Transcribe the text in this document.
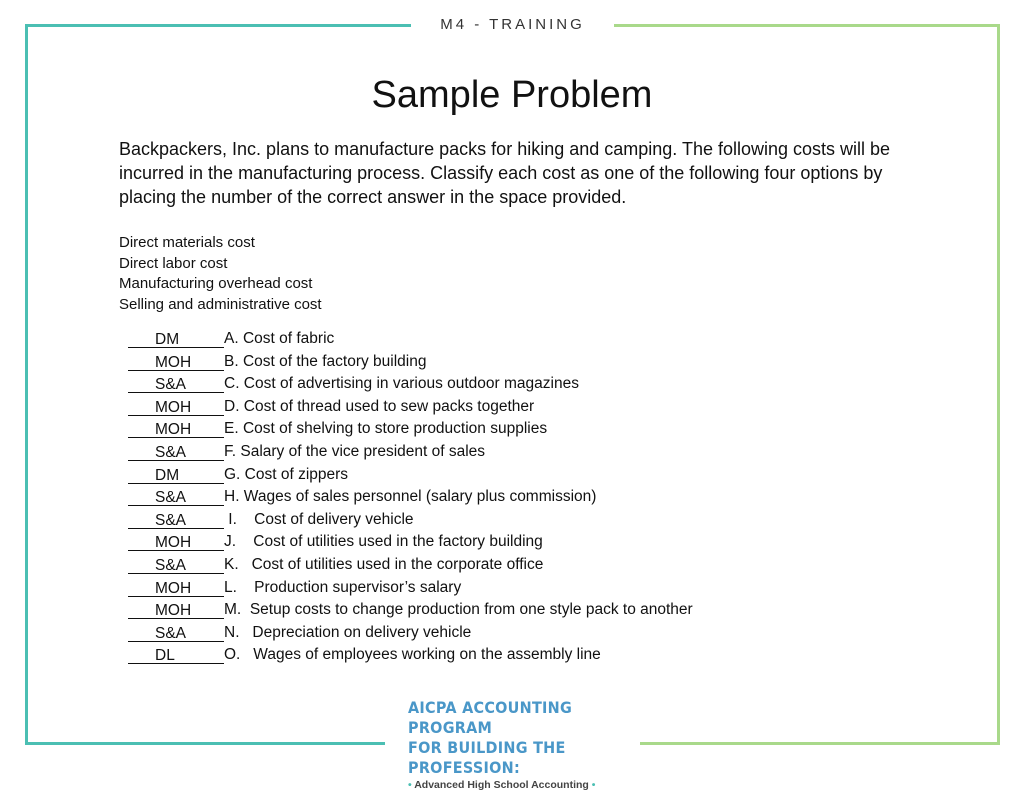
M4 - TRAINING
Sample Problem
Backpackers, Inc. plans to manufacture packs for hiking and camping. The following costs will be incurred in the manufacturing process. Classify each cost as one of the following four options by placing the number of the correct answer in the space provided.
Direct materials cost
Direct labor cost
Manufacturing overhead cost
Selling and administrative cost
DM	A. Cost of fabric
MOH B. Cost of the factory building
S&A C. Cost of advertising in various outdoor magazines
MOH D. Cost of thread used to sew packs together
MOH E. Cost of shelving to store production supplies
S&A F. Salary of the vice president of sales
DM	G. Cost of zippers
S&A H. Wages of sales personnel (salary plus commission)
S&A I.    Cost of delivery vehicle
MOH J.    Cost of utilities used in the factory building
S&A K.   Cost of utilities used in the corporate office
MOH L.    Production supervisor’s salary
MOH M.  Setup costs to change production from one style pack to another
S&A N.   Depreciation on delivery vehicle
DL	O.   Wages of employees working on the assembly line
AICPA ACCOUNTING PROGRAM
FOR BUILDING THE PROFESSION:
• Advanced High School Accounting •
